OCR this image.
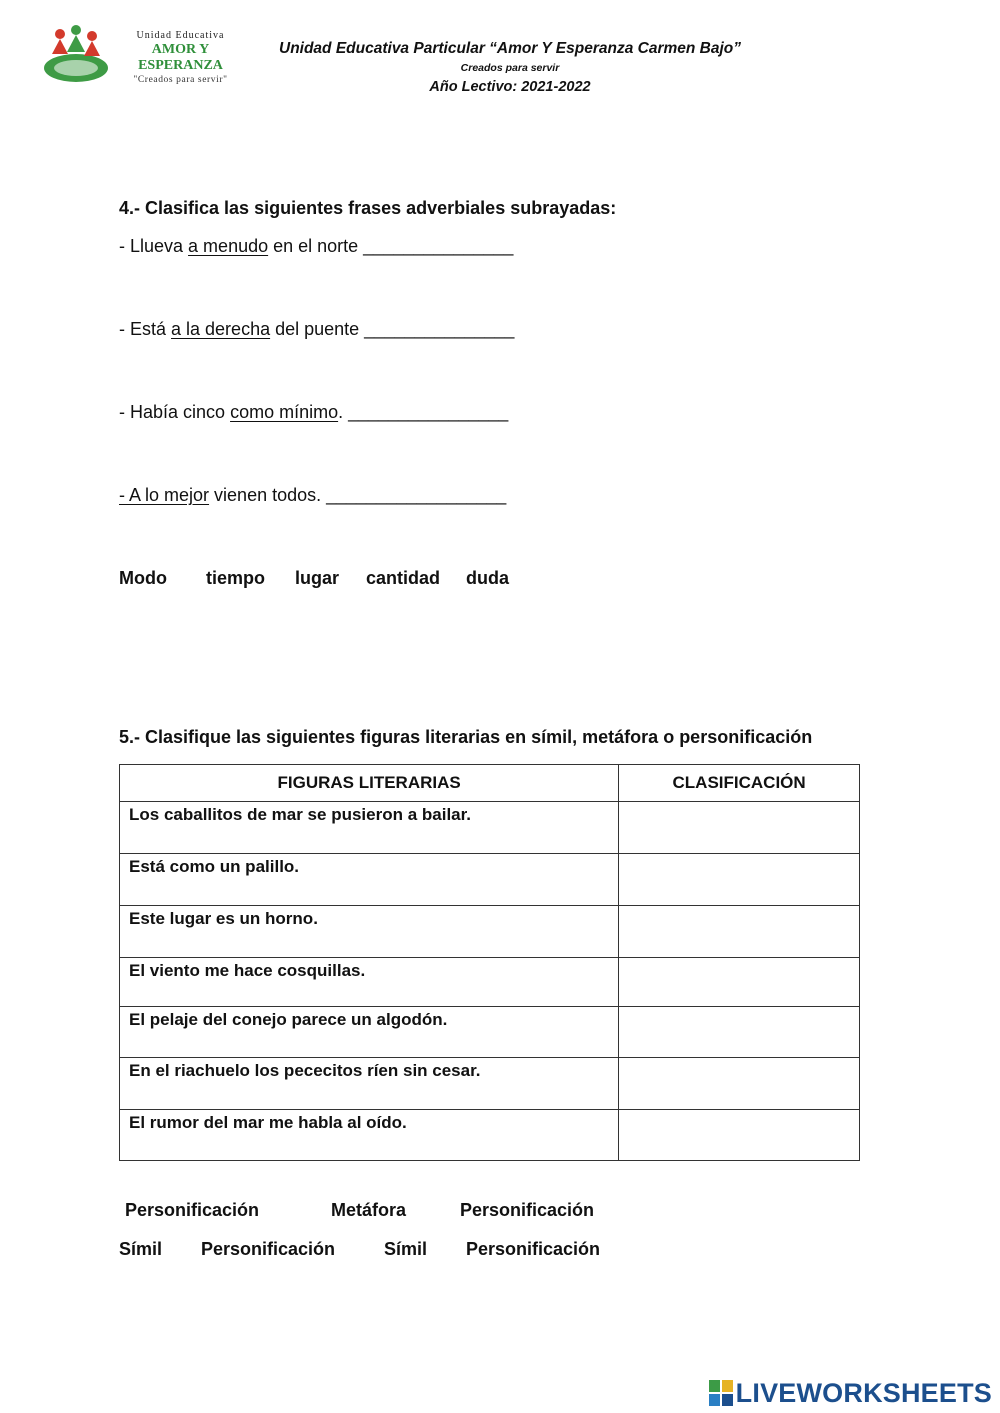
Unidad Educativa
AMOR Y ESPERANZA
"Creados para servir"
Unidad Educativa Particular “Amor Y Esperanza Carmen Bajo”
Creados para servir
Año Lectivo: 2021-2022
4.- Clasifica las siguientes frases adverbiales subrayadas:
- Llueva a menudo en el norte _______________
- Está a la derecha del puente _______________
- Había cinco como mínimo. ________________
- A lo mejor vienen todos. __________________
Modo tiempo lugar cantidad duda
5.- Clasifique las siguientes figuras literarias en símil, metáfora o personificación
FIGURAS LITERARIAS	CLASIFICACIÓN
Los caballitos de mar se pusieron a bailar.	
Está como un palillo.	
Este lugar es un horno.	
El viento me hace cosquillas.	
El pelaje del conejo parece un algodón.	
En el riachuelo los pececitos ríen sin cesar.	
El rumor del mar me habla al oído.	
Personificación	Metáfora	Personificación
Símil Personificación	Símil Personificación
LIVEWORKSHEETS
